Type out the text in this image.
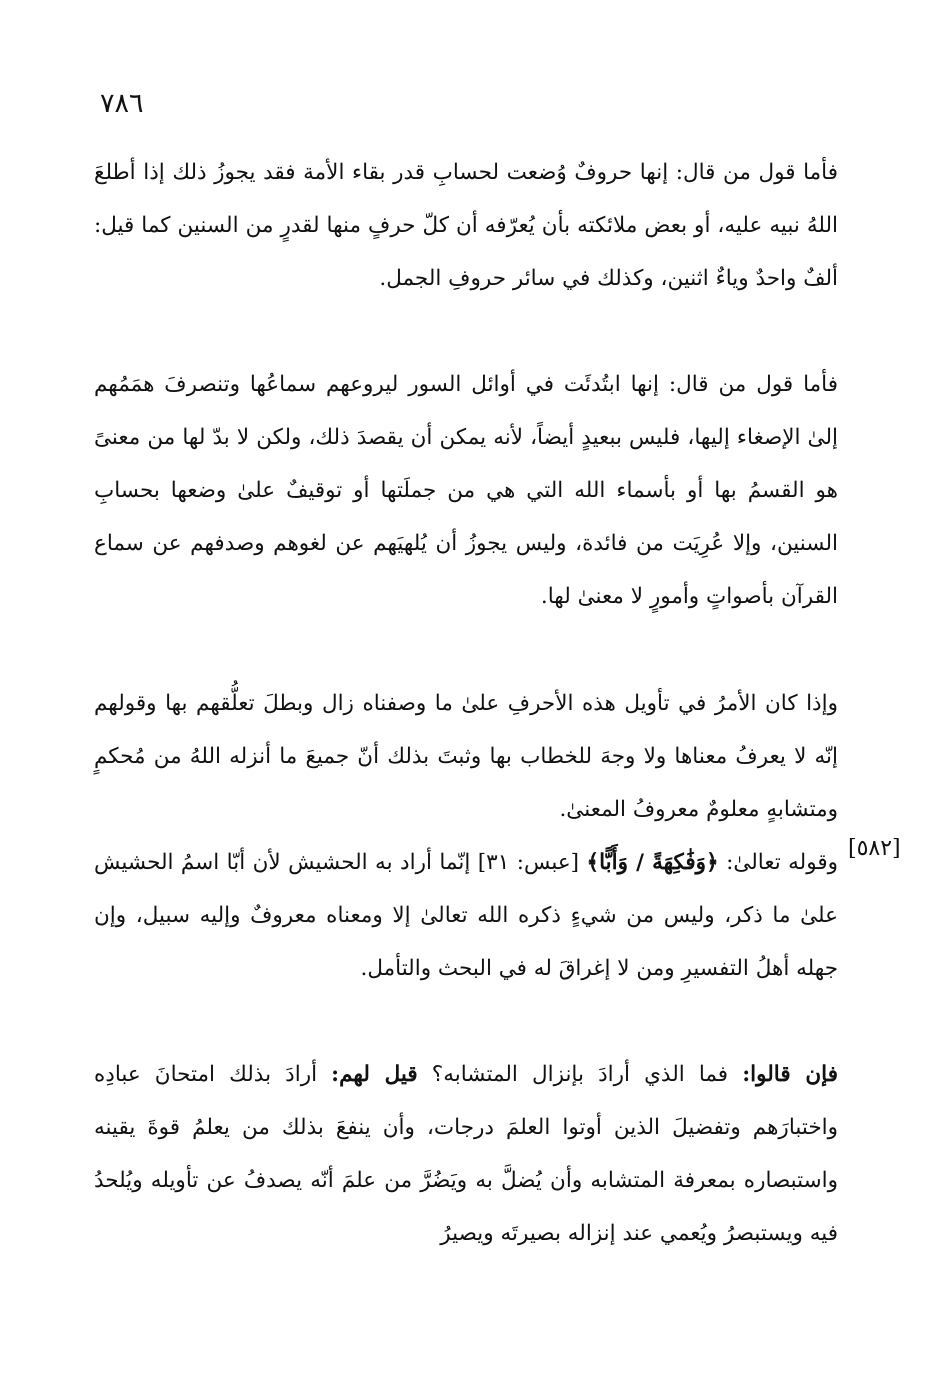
٧٨٦

فأما قول من قال: إنها حروفٌ وُضعت لحسابِ قدر بقاء الأمة فقد يجوزُ ذلك إذا أطلعَ اللهُ نبيه عليه، أو بعض ملائكته بأن يُعرّفه أن كلّ حرفٍ منها لقدرٍ من السنين كما قيل: ألفٌ واحدٌ وياءٌ اثنين، وكذلك في سائر حروفِ الجمل.

فأما قول من قال: إنها ابتُدئَت في أوائل السور ليروعهم سماعُها وتنصرفَ همَمُهم إلىٰ الإصغاء إليها، فليس ببعيدٍ أيضاً، لأنه يمكن أن يقصدَ ذلك، ولكن لا بدّ لها من معنىً هو القسمُ بها أو بأسماء الله التي هي من جملَتها أو توقيفٌ علىٰ وضعها بحسابِ السنين، وإلا عُرِيَت من فائدة، وليس يجوزُ أن يُلهيَهم عن لغوهم وصدفهم عن سماع القرآن بأصواتٍ وأمورٍ لا معنىٰ لها.

وإذا كان الأمرُ في تأويل هذه الأحرفِ علىٰ ما وصفناه زال وبطلَ تعلُّقهم بها وقولهم إنّه لا يعرفُ معناها ولا وجهَ للخطاب بها وثبتَ بذلك أنّ جميعَ ما أنزله اللهُ من مُحكمٍ ومتشابهٍ معلومٌ معروفُ المعنىٰ.

[٥٨٢]

وقوله تعالىٰ: ﴿وَفَٰكِهَةً / وَأَبًّا﴾ [عبس: ٣١] إنّما أراد به الحشيش لأن أبّا اسمُ الحشيش علىٰ ما ذكر، وليس من شيءٍ ذكره الله تعالىٰ إلا ومعناه معروفٌ وإليه سبيل، وإن جهله أهلُ التفسيرِ ومن لا إغراقَ له في البحث والتأمل.

فإن قالوا: فما الذي أرادَ بإنزال المتشابه؟ قيل لهم: أرادَ بذلك امتحانَ عبادِه واختبارَهم وتفضيلَ الذين أوتوا العلمَ درجات، وأن ينفعَ بذلك من يعلمُ قوةَ يقينه واستبصاره بمعرفة المتشابه وأن يُضلَّ به ويَضُرَّ من علمَ أنّه يصدفُ عن تأويله ويُلحدُ فيه ويستبصرُ ويُعمي عند إنزاله بصيرتَه ويصيرُ
